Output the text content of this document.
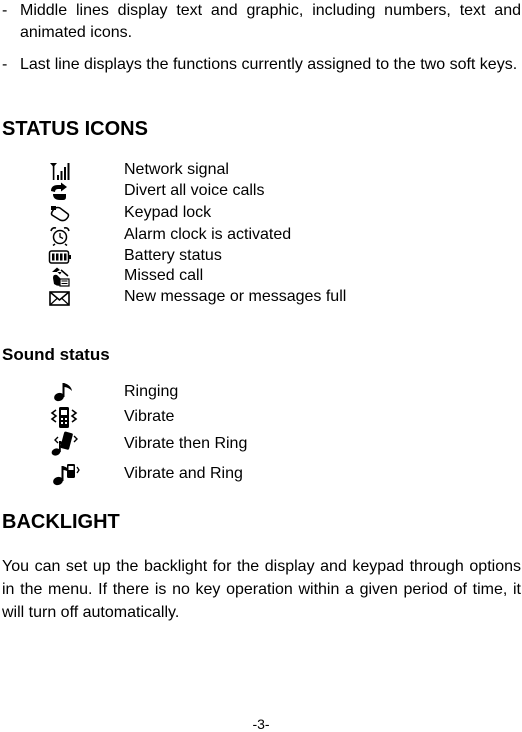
- Middle lines display text and graphic, including numbers, text and animated icons.
- Last line displays the functions currently assigned to the two soft keys.
STATUS ICONS
Network signal
Divert all voice calls
Keypad lock
Alarm clock is activated
Battery status
Missed call
New message or messages full
Sound status
Ringing
Vibrate
Vibrate then Ring
Vibrate and Ring
BACKLIGHT
You can set up the backlight for the display and keypad through options in the menu. If there is no key operation within a given period of time, it will turn off automatically.
-3-
